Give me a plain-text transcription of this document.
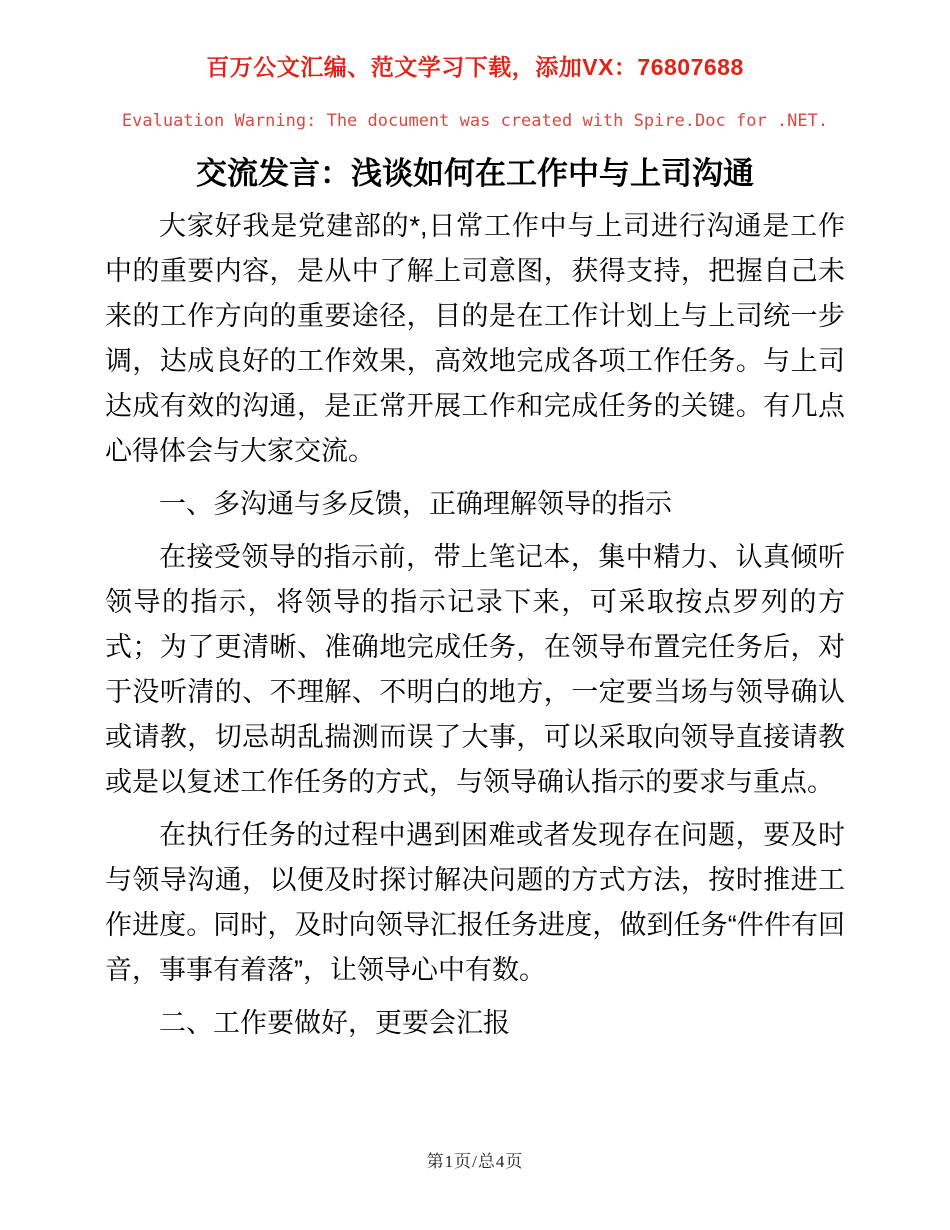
百万公文汇编、范文学习下载，添加VX：76807688
Evaluation Warning: The document was created with Spire.Doc for .NET.
交流发言：浅谈如何在工作中与上司沟通

大家好我是党建部的*,日常工作中与上司进行沟通是工作中的重要内容，是从中了解上司意图，获得支持，把握自己未来的工作方向的重要途径，目的是在工作计划上与上司统一步调，达成良好的工作效果，高效地完成各项工作任务。与上司达成有效的沟通，是正常开展工作和完成任务的关键。有几点心得体会与大家交流。

一、多沟通与多反馈，正确理解领导的指示

在接受领导的指示前，带上笔记本，集中精力、认真倾听领导的指示，将领导的指示记录下来，可采取按点罗列的方式；为了更清晰、准确地完成任务，在领导布置完任务后，对于没听清的、不理解、不明白的地方，一定要当场与领导确认或请教，切忌胡乱揣测而误了大事，可以采取向领导直接请教或是以复述工作任务的方式，与领导确认指示的要求与重点。

在执行任务的过程中遇到困难或者发现存在问题，要及时与领导沟通，以便及时探讨解决问题的方式方法，按时推进工作进度。同时，及时向领导汇报任务进度，做到任务“件件有回音，事事有着落”，让领导心中有数。

二、工作要做好，更要会汇报

第1页/总4页
